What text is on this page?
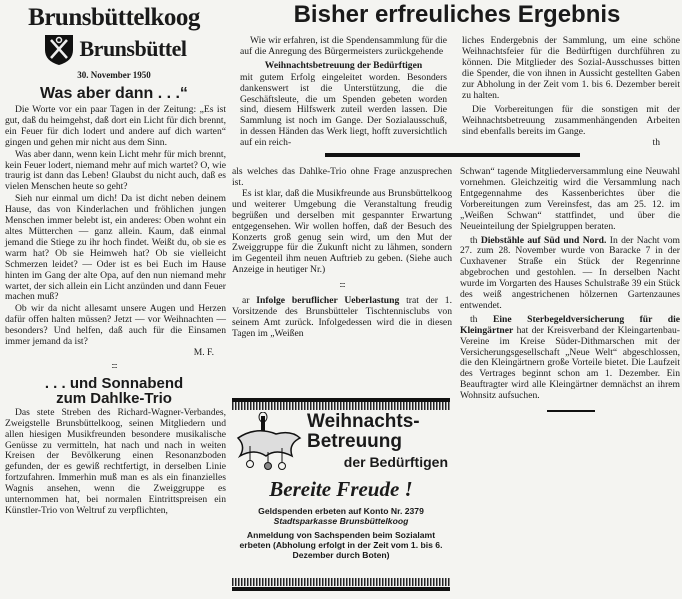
Brunsbüttelkoog
Brunsbüttel
30. November 1950
Was aber dann . . .“

Die Worte vor ein paar Tagen in der Zeitung: „Es ist gut, daß du heimgehst, daß dort ein Licht für dich brennt, ein Feuer für dich lodert und andere auf dich warten“ gingen und gehen mir nicht aus dem Sinn.

Was aber dann, wenn kein Licht mehr für mich brennt, kein Feuer lodert, niemand mehr auf mich wartet? O, wie traurig ist dann das Leben! Glaubst du nicht auch, daß es vielen Menschen heute so geht?

Sieh nur einmal um dich! Da ist dicht neben deinem Hause, das von Kinderlachen und fröhlichen jungen Menschen immer belebt ist, ein anderes: Oben wohnt ein altes Mütterchen — ganz allein. Kaum, daß einmal jemand die Stiege zu ihr hoch findet. Weißt du, ob sie es warm hat? Ob sie Heimweh hat? Ob sie vielleicht Schmerzen leidet? — Oder ist es bei Euch im Hause hinten im Gang der alte Opa, auf den nun niemand mehr wartet, der sich allein ein Licht anzünden und dann Feuer machen muß?

Ob wir da nicht allesamt unsere Augen und Herzen dafür offen halten müssen? Jetzt — vor Weihnachten — besonders? Und helfen, daß auch für die Einsamen immer jemand da ist?

M. F.
::::
. . . und Sonnabend
zum Dahlke-Trio

Das stete Streben des Richard-Wagner-Verbandes, Zweigstelle Brunsbüttelkoog, seinen Mitgliedern und allen hiesigen Musikfreunden besondere musikalische Genüsse zu vermitteln, hat nach und nach in weiten Kreisen der Bevölkerung einen Resonanzboden gefunden, der es gewiß rechtfertigt, in derselben Linie fortzufahren. Immerhin muß man es als ein finanzielles Wagnis ansehen, wenn die Zweiggruppe es unternommen hat, bei normalen Eintrittspreisen ein Künstler-Trio von Weltruf zu verpflichten,

Bisher erfreuliches Ergebnis

Wie wir erfahren, ist die Spendensammlung für die auf die Anregung des Bürgermeisters zurückgehende

Weihnachtsbetreuung der Bedürftigen
mit gutem Erfolg eingeleitet worden. Besonders dankenswert ist die Unterstützung, die die Geschäftsleute, die um Spenden gebeten worden sind, diesem Hilfswerk zuteil werden lassen. Die Sammlung ist noch im Gange. Der Sozialausschuß, in dessen Händen das Werk liegt, hofft zuversichtlich auf ein reich-
liches Endergebnis der Sammlung, um eine schöne Weihnachtsfeier für die Bedürftigen durchführen zu können. Die Mitglieder des Sozial-Ausschusses bitten die Spender, die von ihnen in Aussicht gestellten Gaben zur Abholung in der Zeit vom 1. bis 6. Dezember bereit zu halten.

Die Vorbereitungen für die sonstigen mit der Weihnachtsbetreuung zusammenhängenden Arbeiten sind ebenfalls bereits im Gange.

th
als welches das Dahlke-Trio ohne Frage anzusprechen ist.

Es ist klar, daß die Musikfreunde aus Brunsbüttelkoog und weiterer Umgebung die Veranstaltung freudig begrüßen und derselben mit gespannter Erwartung entgegensehen. Wir wollen hoffen, daß der Besuch des Konzerts groß genug sein wird, um den Mut der Zweiggruppe für die Zukunft nicht zu lähmen, sondern im Gegenteil ihm neuen Auftrieb zu geben. (Siehe auch Anzeige in heutiger Nr.)

::::

ar Infolge beruflicher Ueberlastung trat der 1. Vorsitzende des Brunsbütteler Tischtennisclubs von seinem Amt zurück. Infolgedessen wird die in diesen Tagen im „Weißen

Weihnachts-
Betreuung
der Bedürftigen
Bereite Freude !
Geldspenden erbeten auf Konto Nr. 2379
Stadtsparkasse Brunsbüttelkoog
Anmeldung von Sachspenden beim Sozialamt erbeten (Abholung erfolgt in der Zeit vom 1. bis 6. Dezember durch Boten)
Schwan“ tagende Mitgliederversammlung eine Neuwahl vornehmen. Gleichzeitig wird die Versammlung nach Entgegennahme des Kassenberichtes über die Vorbereitungen zum Vereinsfest, das am 25. 12. im „Weißen Schwan“ stattfindet, und über die Neueinteilung der Spielgruppen beraten.

th Diebstähle auf Süd und Nord. In der Nacht vom 27. zum 28. November wurde von Baracke 7 in der Cuxhavener Straße ein Stück der Regenrinne abgebrochen und gestohlen. — In derselben Nacht wurde im Vorgarten des Hauses Schulstraße 39 ein Stück des weiß angestrichenen hölzernen Gartenzaunes entwendet.

th Eine Sterbegeldversicherung für die Kleingärtner hat der Kreisverband der Kleingartenbau-Vereine im Kreise Süder-Dithmarschen mit der Versicherungsgesellschaft „Neue Welt“ abgeschlossen, die den Kleingärtnern große Vorteile bietet. Die Laufzeit des Vertrages beginnt schon am 1. Dezember. Ein Beauftragter wird alle Kleingärtner demnächst an ihrem Wohnsitz aufsuchen.
